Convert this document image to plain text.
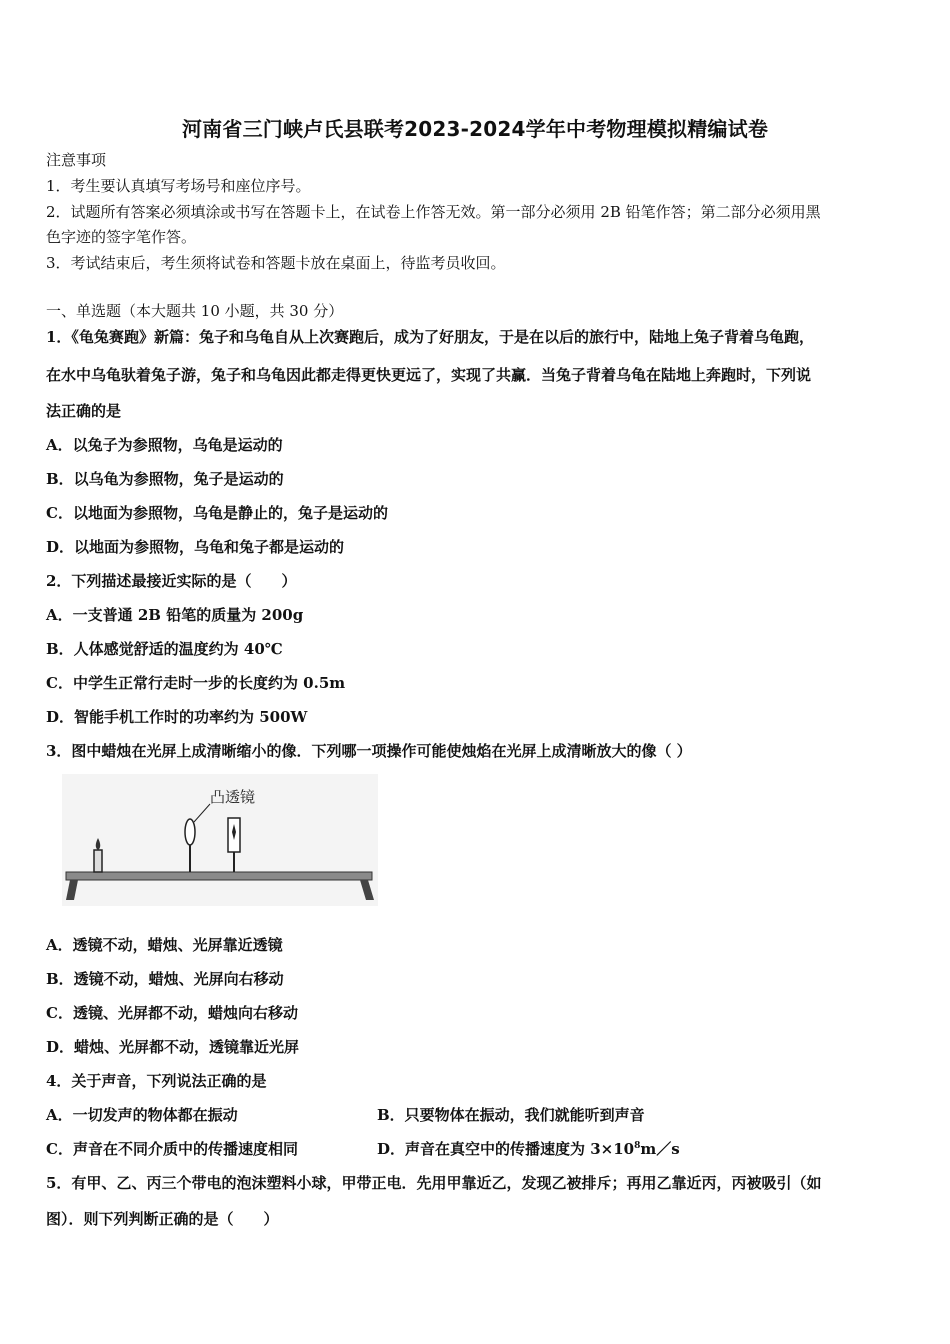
河南省三门峡卢氏县联考2023-2024学年中考物理模拟精编试卷
注意事项
1．考生要认真填写考场号和座位序号。
2．试题所有答案必须填涂或书写在答题卡上，在试卷上作答无效。第一部分必须用 2B 铅笔作答；第二部分必须用黑
色字迹的签字笔作答。
3．考试结束后，考生须将试卷和答题卡放在桌面上，待监考员收回。
一、单选题（本大题共 10 小题，共 30 分）
1．《龟兔赛跑》新篇：兔子和乌龟自从上次赛跑后，成为了好朋友，于是在以后的旅行中，陆地上兔子背着乌龟跑，
在水中乌龟驮着兔子游，兔子和乌龟因此都走得更快更远了，实现了共赢．当兔子背着乌龟在陆地上奔跑时，下列说
法正确的是
A．以兔子为参照物，乌龟是运动的
B．以乌龟为参照物，兔子是运动的
C．以地面为参照物，乌龟是静止的，兔子是运动的
D．以地面为参照物，乌龟和兔子都是运动的
2．下列描述最接近实际的是（　　）
A．一支普通 2B 铅笔的质量为 200g
B．人体感觉舒适的温度约为 40℃
C．中学生正常行走时一步的长度约为 0.5m
D．智能手机工作时的功率约为 500W
3．图中蜡烛在光屏上成清晰缩小的像．下列哪一项操作可能使烛焰在光屏上成清晰放大的像（ ）
凸透镜
A．透镜不动，蜡烛、光屏靠近透镜
B．透镜不动，蜡烛、光屏向右移动
C．透镜、光屏都不动，蜡烛向右移动
D．蜡烛、光屏都不动，透镜靠近光屏
4．关于声音，下列说法正确的是
A．一切发声的物体都在振动	B．只要物体在振动，我们就能听到声音
C．声音在不同介质中的传播速度相同	D．声音在真空中的传播速度为 $3\times 10^8m/s$
5．有甲、乙、丙三个带电的泡沫塑料小球，甲带正电．先用甲靠近乙，发现乙被排斥；再用乙靠近丙，丙被吸引（如
图）．则下列判断正确的是（　　）
